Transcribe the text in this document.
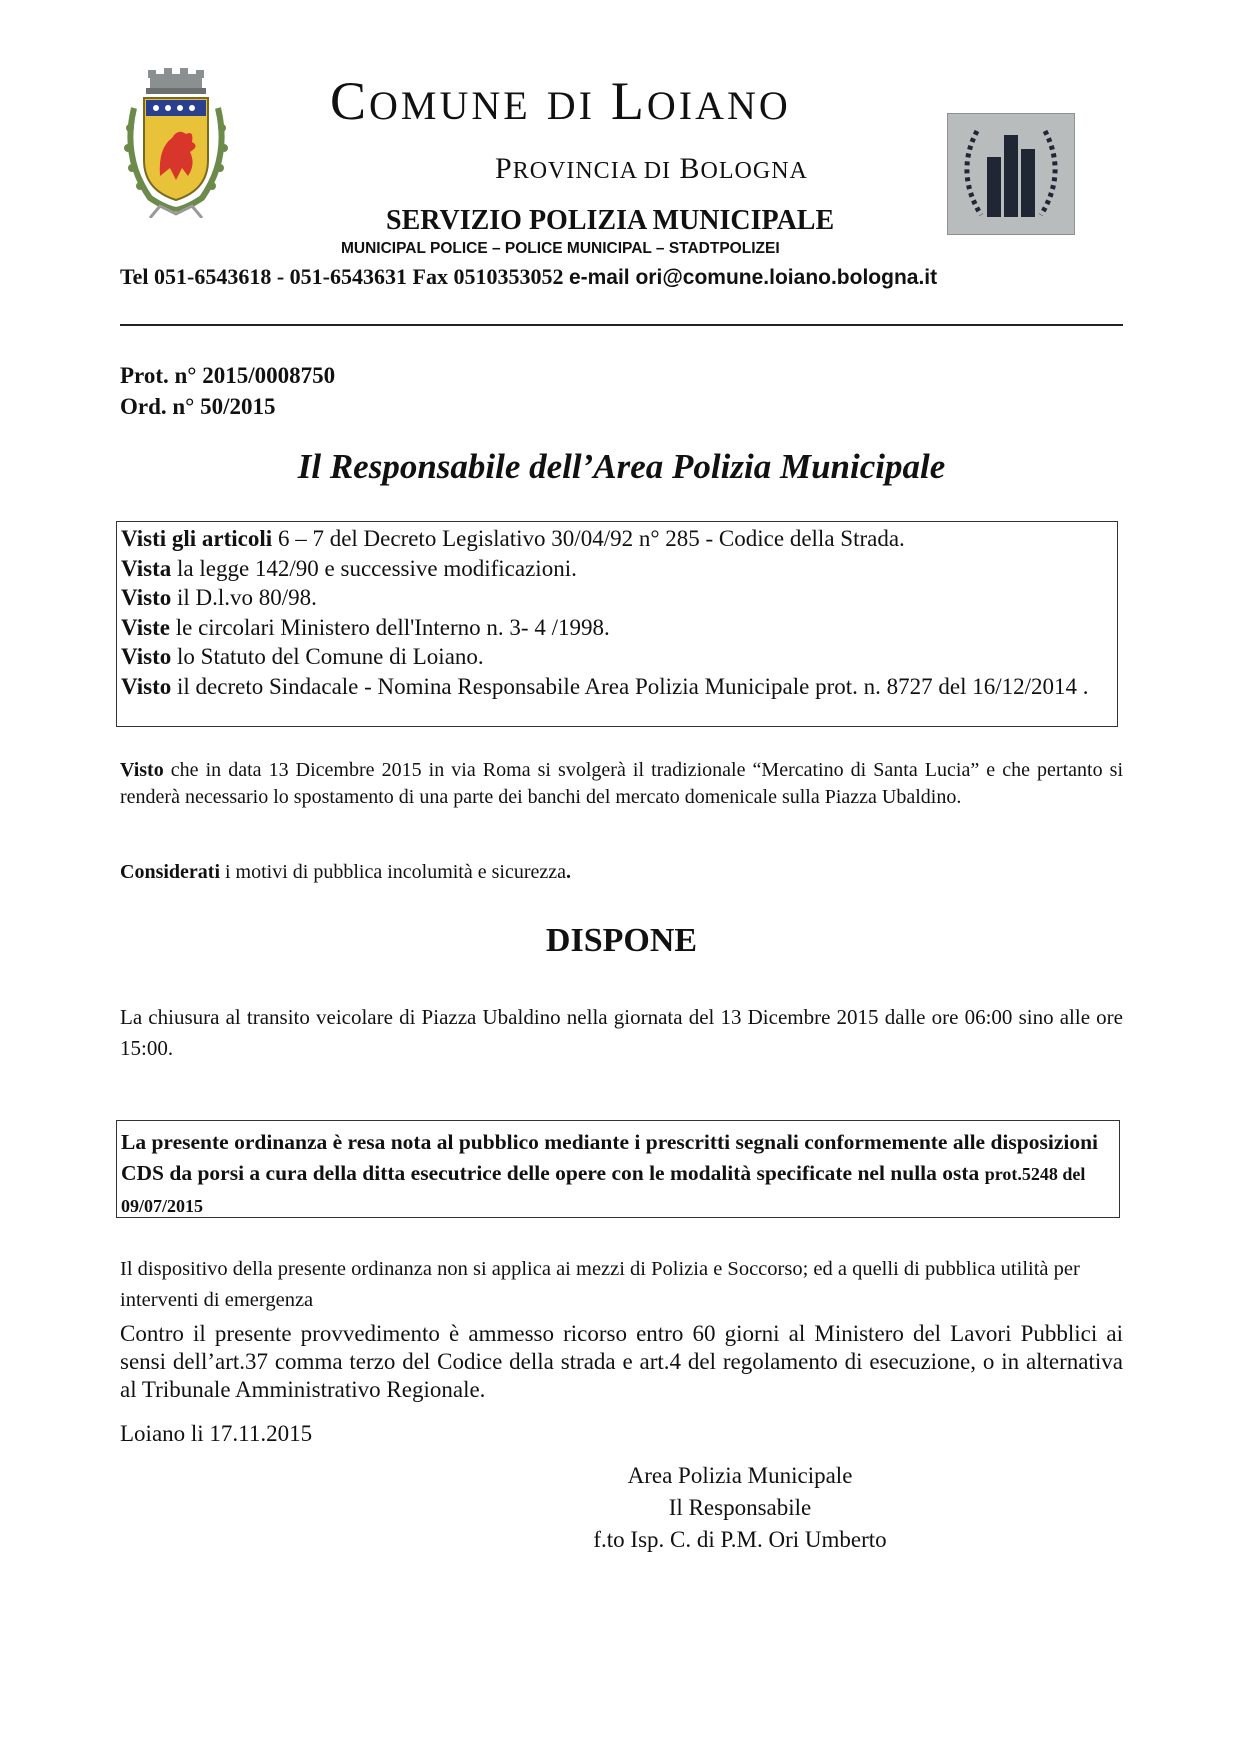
COMUNE DI LOIANO
PROVINCIA DI BOLOGNA
SERVIZIO POLIZIA MUNICIPALE
MUNICIPAL POLICE – POLICE MUNICIPAL – STADTPOLIZEI
Tel 051-6543618 - 051-6543631 Fax 0510353052 e-mail ori@comune.loiano.bologna.it
Prot. n° 2015/0008750
Ord. n° 50/2015
Il Responsabile dell’Area Polizia Municipale

Visti gli articoli 6 – 7 del Decreto Legislativo 30/04/92 n° 285 - Codice della Strada.

Vista la legge 142/90 e successive modificazioni.

Visto il D.l.vo 80/98.

Viste le circolari Ministero dell'Interno n. 3- 4 /1998.

Visto lo Statuto del Comune di Loiano.

Visto il decreto Sindacale - Nomina Responsabile Area Polizia Municipale prot. n. 8727 del 16/12/2014 .

Visto che in data 13 Dicembre 2015 in via Roma si svolgerà il tradizionale “Mercatino di Santa Lucia” e che pertanto si renderà necessario lo spostamento di una parte dei banchi del mercato domenicale sulla Piazza Ubaldino.
Considerati i motivi di pubblica incolumità e sicurezza.
DISPONE
La chiusura al transito veicolare di Piazza Ubaldino nella giornata del 13 Dicembre 2015 dalle ore 06:00 sino alle ore 15:00.
La presente ordinanza è resa nota al pubblico mediante i prescritti segnali conformemente alle disposizioni CDS da porsi a cura della ditta esecutrice delle opere con le modalità specificate nel nulla osta prot.5248 del 09/07/2015
Il dispositivo della presente ordinanza non si applica ai mezzi di Polizia e Soccorso; ed a quelli di pubblica utilità per interventi di emergenza
Contro il presente provvedimento è ammesso ricorso entro 60 giorni al Ministero del Lavori Pubblici ai sensi dell’art.37 comma terzo del Codice della strada e art.4 del regolamento di esecuzione, o in alternativa al Tribunale Amministrativo Regionale.
Loiano li 17.11.2015
Area Polizia Municipale
Il Responsabile
f.to Isp. C. di P.M. Ori Umberto
